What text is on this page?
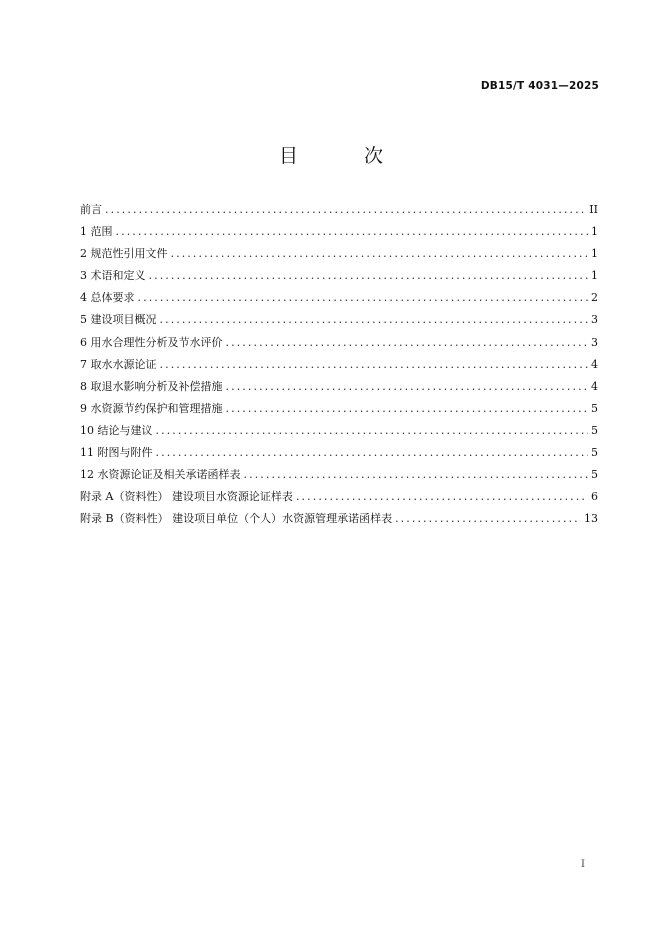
DB15/T 4031—2025
目 次
前言 .....	II
1 范围 .....	1
2 规范性引用文件 .....	1
3 术语和定义 .....	1
4 总体要求 .....	2
5 建设项目概况 .....	3
6 用水合理性分析及节水评价 .....	3
7 取水水源论证 .....	4
8 取退水影响分析及补偿措施 .....	4
9 水资源节约保护和管理措施 .....	5
10 结论与建议 .....	5
11 附图与附件 .....	5
12 水资源论证及相关承诺函样表 .....	5
附录 A（资料性） 建设项目水资源论证样表 .....	6
附录 B（资料性） 建设项目单位（个人）水资源管理承诺函样表 .....	13
I
